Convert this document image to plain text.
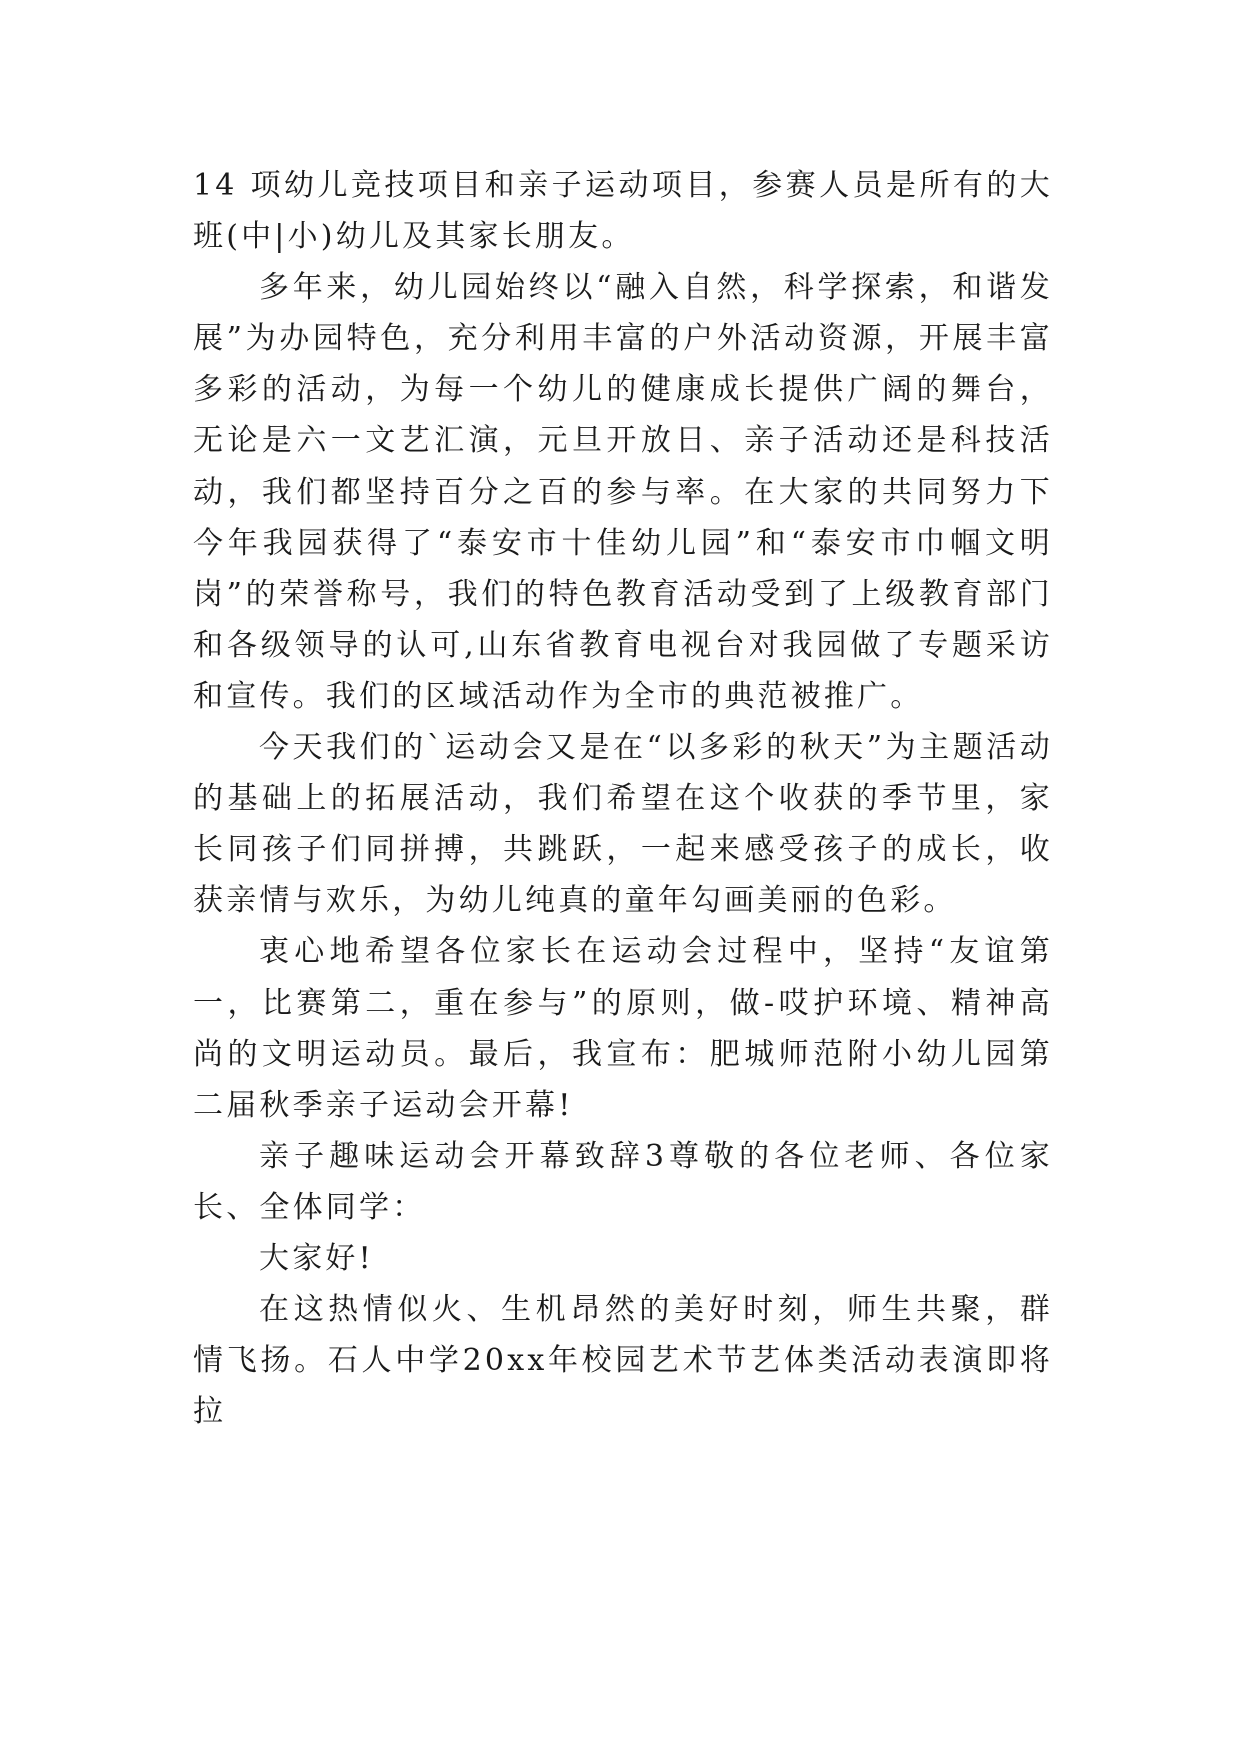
14 项幼儿竞技项目和亲子运动项目，参赛人员是所有的大班(中|小)幼儿及其家长朋友。

多年来，幼儿园始终以“融入自然，科学探索，和谐发展”为办园特色，充分利用丰富的户外活动资源，开展丰富多彩的活动，为每一个幼儿的健康成长提供广阔的舞台，无论是六一文艺汇演，元旦开放日、亲子活动还是科技活动，我们都坚持百分之百的参与率。在大家的共同努力下今年我园获得了“泰安市十佳幼儿园”和“泰安市巾帼文明岗”的荣誉称号，我们的特色教育活动受到了上级教育部门和各级领导的认可,山东省教育电视台对我园做了专题采访和宣传。我们的区域活动作为全市的典范被推广。

今天我们的`运动会又是在“以多彩的秋天”为主题活动的基础上的拓展活动，我们希望在这个收获的季节里，家长同孩子们同拼搏，共跳跃，一起来感受孩子的成长，收获亲情与欢乐，为幼儿纯真的童年勾画美丽的色彩。

衷心地希望各位家长在运动会过程中，坚持“友谊第一，比赛第二，重在参与”的原则，做-哎护环境、精神高尚的文明运动员。最后，我宣布：肥城师范附小幼儿园第二届秋季亲子运动会开幕!

亲子趣味运动会开幕致辞3尊敬的各位老师、各位家长、全体同学：

大家好!

在这热情似火、生机昂然的美好时刻，师生共聚，群情飞扬。石人中学20xx年校园艺术节艺体类活动表演即将拉
